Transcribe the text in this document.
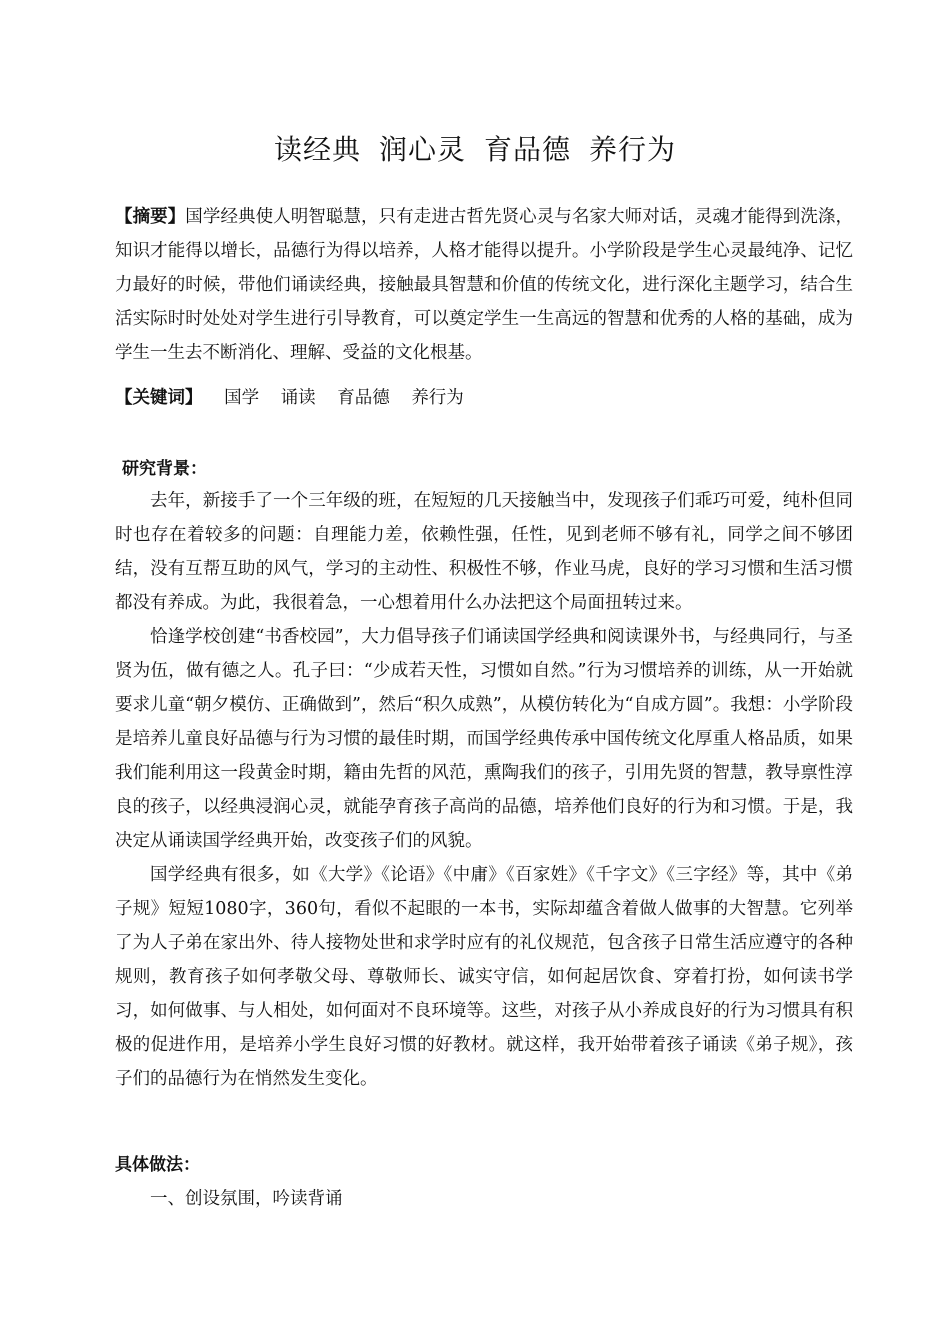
读经典 润心灵 育品德 养行为
【摘要】国学经典使人明智聪慧，只有走进古哲先贤心灵与名家大师对话，灵魂才能得到洗涤，知识才能得以增长，品德行为得以培养，人格才能得以提升。小学阶段是学生心灵最纯净、记忆力最好的时候，带他们诵读经典，接触最具智慧和价值的传统文化，进行深化主题学习，结合生活实际时时处处对学生进行引导教育，可以奠定学生一生高远的智慧和优秀的人格的基础，成为学生一生去不断消化、理解、受益的文化根基。
【关键词】 国学 诵读 育品德 养行为
研究背景：

去年，新接手了一个三年级的班，在短短的几天接触当中，发现孩子们乖巧可爱，纯朴但同时也存在着较多的问题：自理能力差，依赖性强，任性，见到老师不够有礼，同学之间不够团结，没有互帮互助的风气，学习的主动性、积极性不够，作业马虎，良好的学习习惯和生活习惯都没有养成。为此，我很着急，一心想着用什么办法把这个局面扭转过来。

恰逢学校创建“书香校园”，大力倡导孩子们诵读国学经典和阅读课外书，与经典同行，与圣贤为伍，做有德之人。孔子曰：“少成若天性，习惯如自然。”行为习惯培养的训练，从一开始就要求儿童“朝夕模仿、正确做到”，然后“积久成熟”，从模仿转化为“自成方圆”。我想：小学阶段是培养儿童良好品德与行为习惯的最佳时期，而国学经典传承中国传统文化厚重人格品质，如果我们能利用这一段黄金时期，籍由先哲的风范，熏陶我们的孩子，引用先贤的智慧，教导禀性淳良的孩子，以经典浸润心灵，就能孕育孩子高尚的品德，培养他们良好的行为和习惯。于是，我决定从诵读国学经典开始，改变孩子们的风貌。

国学经典有很多，如《大学》《论语》《中庸》《百家姓》《千字文》《三字经》等，其中《弟子规》短短1080字，360句，看似不起眼的一本书，实际却蕴含着做人做事的大智慧。它列举了为人子弟在家出外、待人接物处世和求学时应有的礼仪规范，包含孩子日常生活应遵守的各种规则，教育孩子如何孝敬父母、尊敬师长、诚实守信，如何起居饮食、穿着打扮，如何读书学习，如何做事、与人相处，如何面对不良环境等。这些，对孩子从小养成良好的行为习惯具有积极的促进作用，是培养小学生良好习惯的好教材。就这样，我开始带着孩子诵读《弟子规》，孩子们的品德行为在悄然发生变化。

具体做法：
一、创设氛围，吟读背诵
